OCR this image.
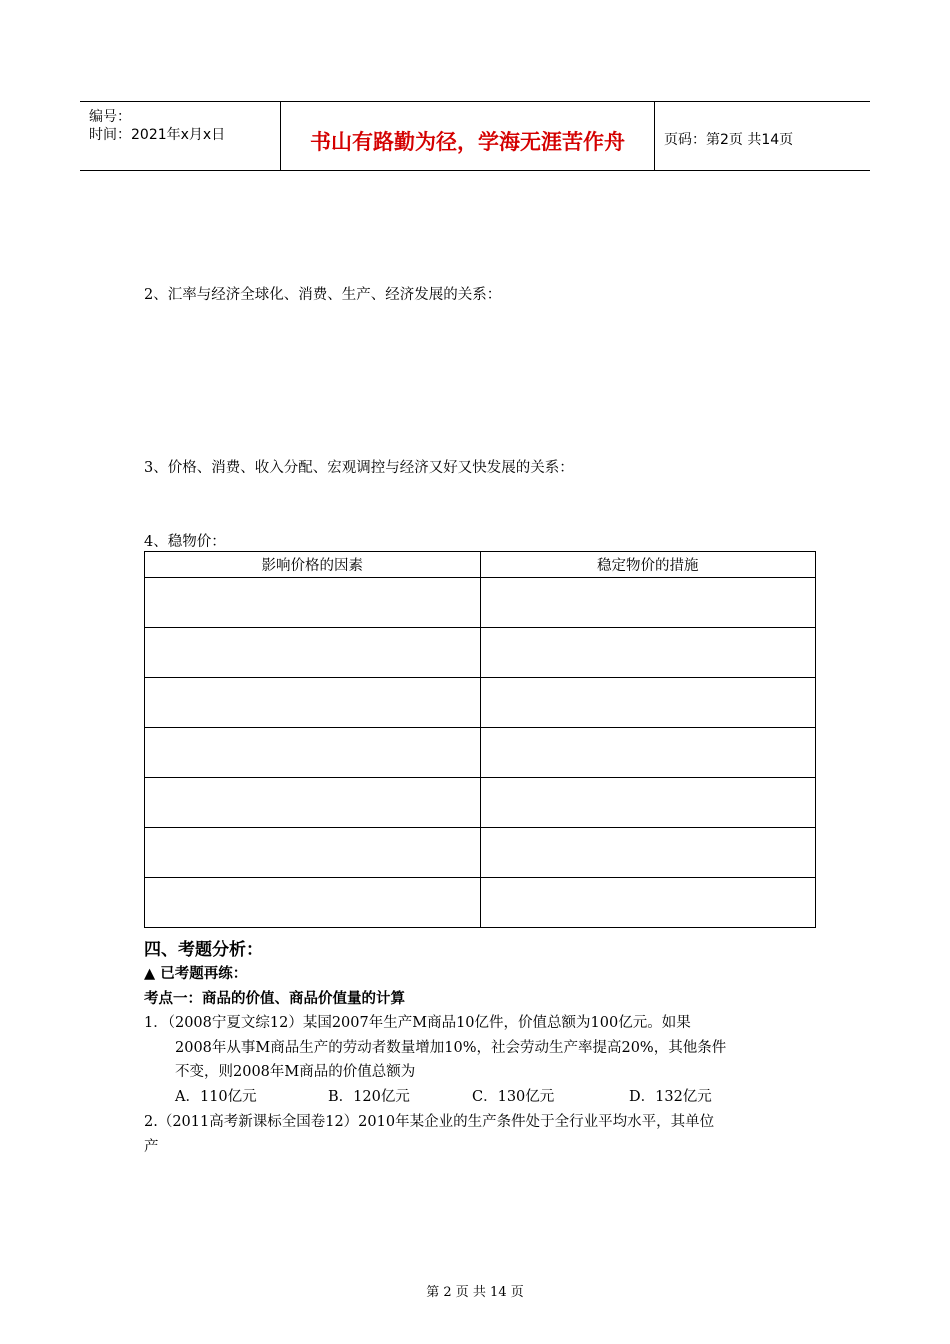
编号：
时间：2021年x月x日	书山有路勤为径，学海无涯苦作舟	页码：第2页 共14页
2、汇率与经济全球化、消费、生产、经济发展的关系：
3、价格、消费、收入分配、宏观调控与经济又好又快发展的关系：
4、稳物价：
影响价格的因素	稳定物价的措施

四、考题分析：
▲ 已考题再练：
考点一：商品的价值、商品价值量的计算
1．（2008宁夏文综12）某国2007年生产M商品10亿件，价值总额为100亿元。如果
2008年从事M商品生产的劳动者数量增加10%，社会劳动生产率提高20%，其他条件
不变，则2008年M商品的价值总额为
A．110亿元	B．120亿元	C．130亿元	D．132亿元
2.（2011高考新课标全国卷12）2010年某企业的生产条件处于全行业平均水平，其单位
产
第 2 页 共 14 页
